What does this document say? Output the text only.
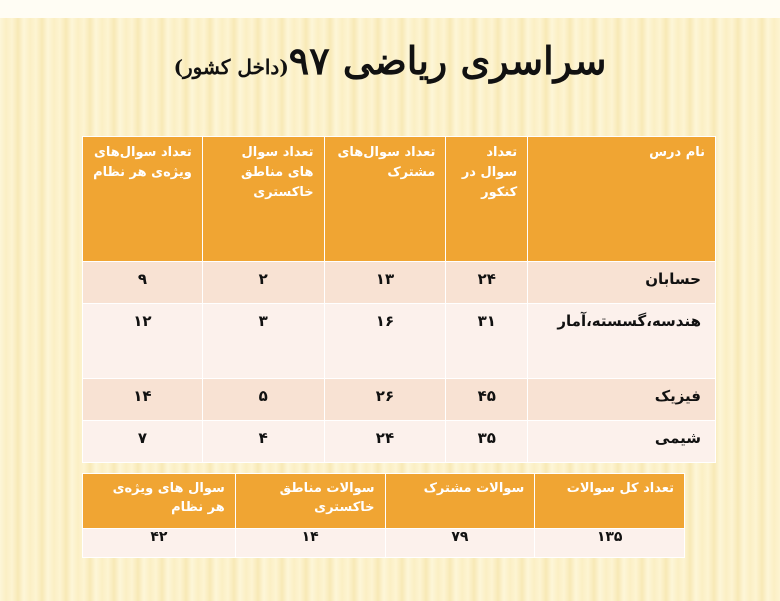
سراسری ریاضی ۹۷(داخل کشور)
نام درس	تعداد سوال در کنکور	تعداد سوال‌های مشترک	تعداد سوال های مناطق خاکستری	تعداد سوال‌های ویژه‌ی هر نظام
حسابان	۲۴	۱۳	۲	۹
هندسه،گسسته،آمار	۳۱	۱۶	۳	۱۲
فیزیک	۴۵	۲۶	۵	۱۴
شیمی	۳۵	۲۴	۴	۷
تعداد کل سوالات	سوالات مشترک	سوالات مناطق خاکستری	سوال های ویژه‌ی هر نظام
۱۳۵	۷۹	۱۴	۴۲
